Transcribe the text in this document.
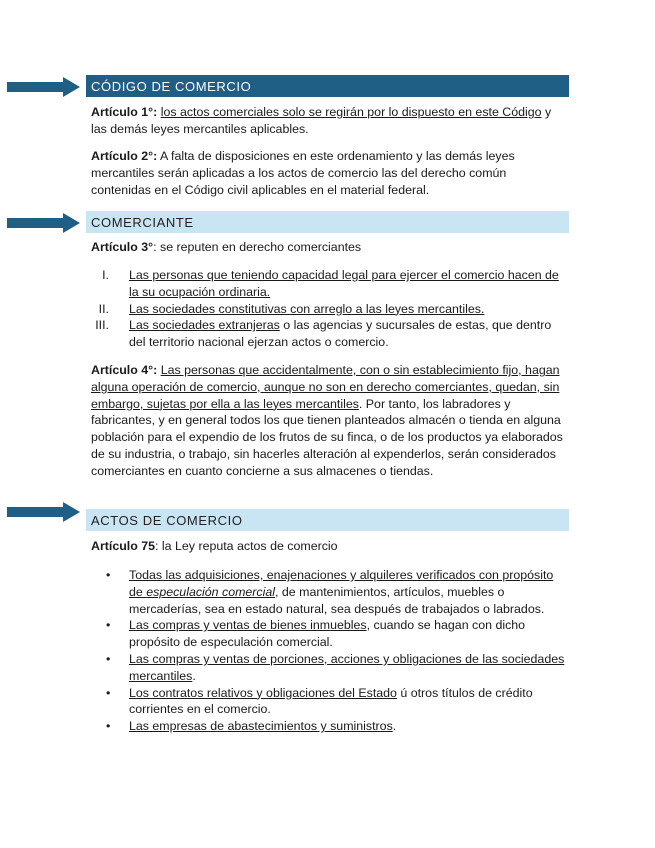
CÓDIGO DE COMERCIO

Artículo 1°: los actos comerciales solo se regirán por lo dispuesto en este Código y las demás leyes mercantiles aplicables.

Artículo 2°: A falta de disposiciones en este ordenamiento y las demás leyes mercantiles serán aplicadas a los actos de comercio las del derecho común contenidas en el Código civil aplicables en el material federal.

COMERCIANTE

Artículo 3°: se reputen en derecho comerciantes

I. Las personas que teniendo capacidad legal para ejercer el comercio hacen de la su ocupación ordinaria.
II. Las sociedades constitutivas con arreglo a las leyes mercantiles.
III. Las sociedades extranjeras o las agencias y sucursales de estas, que dentro del territorio nacional ejerzan actos o comercio.

Artículo 4°: Las personas que accidentalmente, con o sin establecimiento fijo, hagan alguna operación de comercio, aunque no son en derecho comerciantes, quedan, sin embargo, sujetas por ella a las leyes mercantiles. Por tanto, los labradores y fabricantes, y en general todos los que tienen planteados almacén o tienda en alguna población para el expendio de los frutos de su finca, o de los productos ya elaborados de su industria, o trabajo, sin hacerles alteración al expenderlos, serán considerados comerciantes en cuanto concierne a sus almacenes o tiendas.

ACTOS DE COMERCIO

Artículo 75: la Ley reputa actos de comercio

• Todas las adquisiciones, enajenaciones y alquileres verificados con propósito de especulación comercial, de mantenimientos, artículos, muebles o mercaderías, sea en estado natural, sea después de trabajados o labrados.
• Las compras y ventas de bienes inmuebles, cuando se hagan con dicho propósito de especulación comercial.
• Las compras y ventas de porciones, acciones y obligaciones de las sociedades mercantiles.
• Los contratos relativos y obligaciones del Estado ú otros títulos de crédito corrientes en el comercio.
• Las empresas de abastecimientos y suministros.
